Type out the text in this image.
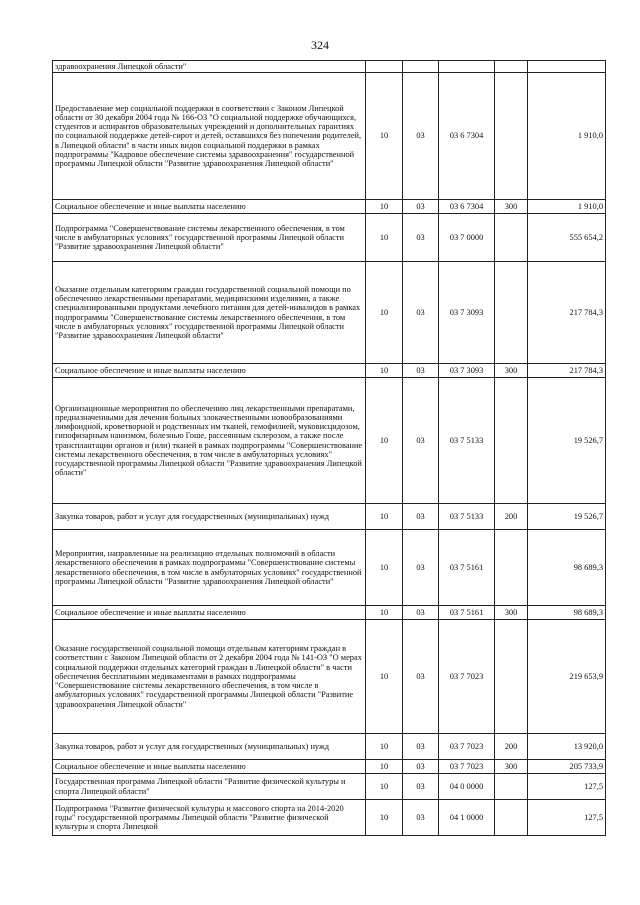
324
здравоохранения Липецкой области"					
Предоставление мер социальной поддержки в соответствии с Законом Липецкой области от 30 декабря 2004 года № 166-ОЗ "О социальной поддержке обучающихся, студентов и аспирантов образовательных учреждений и дополнительных гарантиях по социальной поддержке детей-сирот и детей, оставшихся без попечения родителей, в Липецкой области" в части иных видов социальной поддержки в рамках подпрограммы "Кадровое обеспечение системы здравоохранения" государственной программы Липецкой области "Развитие здравоохранения Липецкой области"	10	03	03 6 7304		1 910,0
Социальное обеспечение и иные выплаты населению	10	03	03 6 7304	300	1 910,0
Подпрограмма "Совершенствование системы лекарственного обеспечения, в том числе в амбулаторных условиях" государственной программы Липецкой области "Развитие здравоохранения Липецкой области"	10	03	03 7 0000		555 654,2
Оказание отдельным категориям граждан государственной социальной помощи по обеспечению лекарственными препаратами, медицинскими изделиями, а также специализированными продуктами лечебного питания для детей-инвалидов в рамках подпрограммы "Совершенствование системы лекарственного обеспечения, в том числе в амбулаторных условиях" государственной программы Липецкой области "Развитие здравоохранения Липецкой области"	10	03	03 7 3093		217 784,3
Социальное обеспечение и иные выплаты населению	10	03	03 7 3093	300	217 784,3
Организационные мероприятия по обеспечению лиц лекарственными препаратами, предназначенными для лечения больных злокачественными новообразованиями лимфоидной, кроветворной и родственных им тканей, гемофилией, муковисцидозом, гипофизарным нанизмом, болезнью Гоше, рассеянным склерозом, а также после трансплантации органов и (или) тканей в рамках подпрограммы "Совершенствование системы лекарственного обеспечения, в том числе в амбулаторных условиях" государственной программы Липецкой области "Развитие здравоохранения Липецкой области"	10	03	03 7 5133		19 526,7
Закупка товаров, работ и услуг для государственных (муниципальных) нужд	10	03	03 7 5133	200	19 526,7
Мероприятия, направленные на реализацию отдельных полномочий в области лекарственного обеспечения в рамках подпрограммы "Совершенствование системы лекарственного обеспечения, в том числе в амбулаторных условиях" государственной программы Липецкой области "Развитие здравоохранения Липецкой области"	10	03	03 7 5161		98 689,3
Социальное обеспечение и иные выплаты населению	10	03	03 7 5161	300	98 689,3
Оказание государственной социальной помощи отдельным категориям граждан в соответствии с Законом Липецкой области от 2 декабря 2004 года № 141-ОЗ "О мерах социальной поддержки отдельных категорий граждан в Липецкой области" в части обеспечения бесплатными медикаментами в рамках подпрограммы "Совершенствование системы лекарственного обеспечения, в том числе в амбулаторных условиях" государственной программы Липецкой области "Развитие здравоохранения Липецкой области"	10	03	03 7 7023		219 653,9
Закупка товаров, работ и услуг для государственных (муниципальных) нужд	10	03	03 7 7023	200	13 920,0
Социальное обеспечение и иные выплаты населению	10	03	03 7 7023	300	205 733,9
Государственная программа Липецкой области "Развитие физической культуры и спорта Липецкой области"	10	03	04 0 0000		127,5
Подпрограмма "Развитие физической культуры и массового спорта на 2014-2020 годы" государственной программы Липецкой области "Развитие физической культуры и спорта Липецкой	10	03	04 1 0000		127,5
